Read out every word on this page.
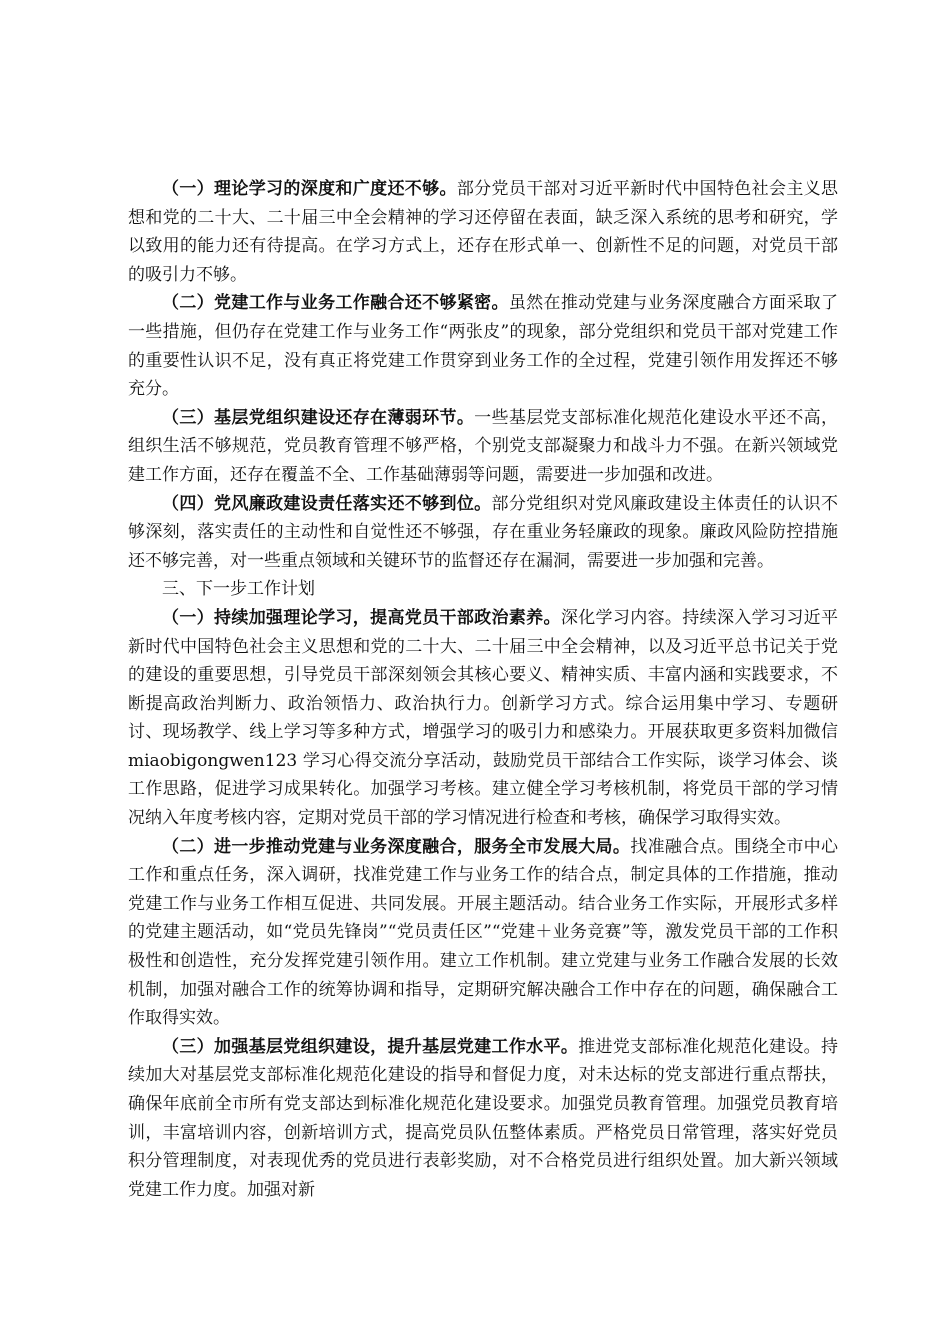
（一）理论学习的深度和广度还不够。部分党员干部对习近平新时代中国特色社会主义思想和党的二十大、二十届三中全会精神的学习还停留在表面，缺乏深入系统的思考和研究，学以致用的能力还有待提高。在学习方式上，还存在形式单一、创新性不足的问题，对党员干部的吸引力不够。

（二）党建工作与业务工作融合还不够紧密。虽然在推动党建与业务深度融合方面采取了一些措施，但仍存在党建工作与业务工作“两张皮”的现象，部分党组织和党员干部对党建工作的重要性认识不足，没有真正将党建工作贯穿到业务工作的全过程，党建引领作用发挥还不够充分。

（三）基层党组织建设还存在薄弱环节。一些基层党支部标准化规范化建设水平还不高，组织生活不够规范，党员教育管理不够严格，个别党支部凝聚力和战斗力不强。在新兴领域党建工作方面，还存在覆盖不全、工作基础薄弱等问题，需要进一步加强和改进。

（四）党风廉政建设责任落实还不够到位。部分党组织对党风廉政建设主体责任的认识不够深刻，落实责任的主动性和自觉性还不够强，存在重业务轻廉政的现象。廉政风险防控措施还不够完善，对一些重点领域和关键环节的监督还存在漏洞，需要进一步加强和完善。

三、下一步工作计划

（一）持续加强理论学习，提高党员干部政治素养。深化学习内容。持续深入学习习近平新时代中国特色社会主义思想和党的二十大、二十届三中全会精神，以及习近平总书记关于党的建设的重要思想，引导党员干部深刻领会其核心要义、精神实质、丰富内涵和实践要求，不断提高政治判断力、政治领悟力、政治执行力。创新学习方式。综合运用集中学习、专题研讨、现场教学、线上学习等多种方式，增强学习的吸引力和感染力。开展获取更多资料加微信 miaobigongwen123 学习心得交流分享活动，鼓励党员干部结合工作实际，谈学习体会、谈工作思路，促进学习成果转化。加强学习考核。建立健全学习考核机制，将党员干部的学习情况纳入年度考核内容，定期对党员干部的学习情况进行检查和考核，确保学习取得实效。

（二）进一步推动党建与业务深度融合，服务全市发展大局。找准融合点。围绕全市中心工作和重点任务，深入调研，找准党建工作与业务工作的结合点，制定具体的工作措施，推动党建工作与业务工作相互促进、共同发展。开展主题活动。结合业务工作实际，开展形式多样的党建主题活动，如“党员先锋岗”“党员责任区”“党建＋业务竞赛”等，激发党员干部的工作积极性和创造性，充分发挥党建引领作用。建立工作机制。建立党建与业务工作融合发展的长效机制，加强对融合工作的统筹协调和指导，定期研究解决融合工作中存在的问题，确保融合工作取得实效。

（三）加强基层党组织建设，提升基层党建工作水平。推进党支部标准化规范化建设。持续加大对基层党支部标准化规范化建设的指导和督促力度，对未达标的党支部进行重点帮扶，确保年底前全市所有党支部达到标准化规范化建设要求。加强党员教育管理。加强党员教育培训，丰富培训内容，创新培训方式，提高党员队伍整体素质。严格党员日常管理，落实好党员积分管理制度，对表现优秀的党员进行表彰奖励，对不合格党员进行组织处置。加大新兴领域党建工作力度。加强对新
